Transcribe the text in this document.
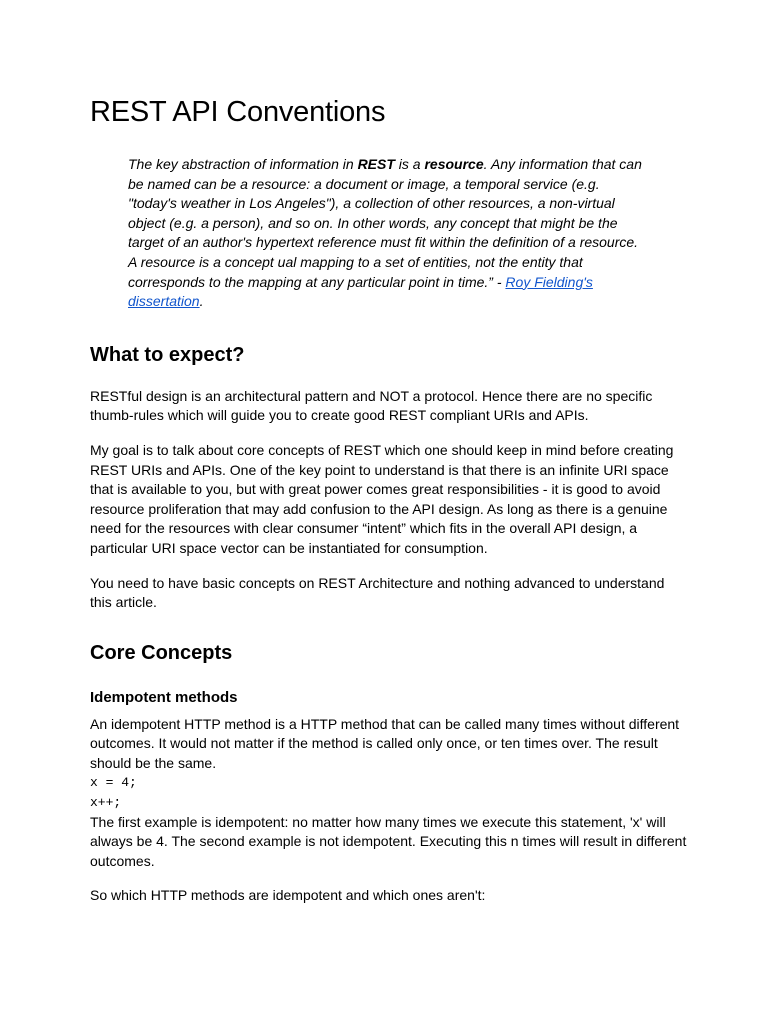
REST API Conventions
The key abstraction of information in REST is a resource. Any information that can be named can be a resource: a document or image, a temporal service (e.g. "today's weather in Los Angeles"), a collection of other resources, a non-virtual object (e.g. a person), and so on. In other words, any concept that might be the target of an author's hypertext reference must fit within the definition of a resource. A resource is a concept ual mapping to a set of entities, not the entity that corresponds to the mapping at any particular point in time.” - Roy Fielding's dissertation.
What to expect?

RESTful design is an architectural pattern and NOT a protocol. Hence there are no specific thumb-rules which will guide you to create good REST compliant URIs and APIs.

My goal is to talk about core concepts of REST which one should keep in mind before creating REST URIs and APIs. One of the key point to understand is that there is an infinite URI space that is available to you, but with great power comes great responsibilities - it is good to avoid resource proliferation that may add confusion to the API design. As long as there is a genuine need for the resources with clear consumer “intent” which fits in the overall API design, a particular URI space vector can be instantiated for consumption.

You need to have basic concepts on REST Architecture and nothing advanced to understand this article.

Core Concepts
Idempotent methods

An idempotent HTTP method is a HTTP method that can be called many times without different outcomes. It would not matter if the method is called only once, or ten times over. The result should be the same.

x = 4;
x++;

The first example is idempotent: no matter how many times we execute this statement, 'x' will always be 4. The second example is not idempotent. Executing this n times will result in different outcomes.

So which HTTP methods are idempotent and which ones aren't:
